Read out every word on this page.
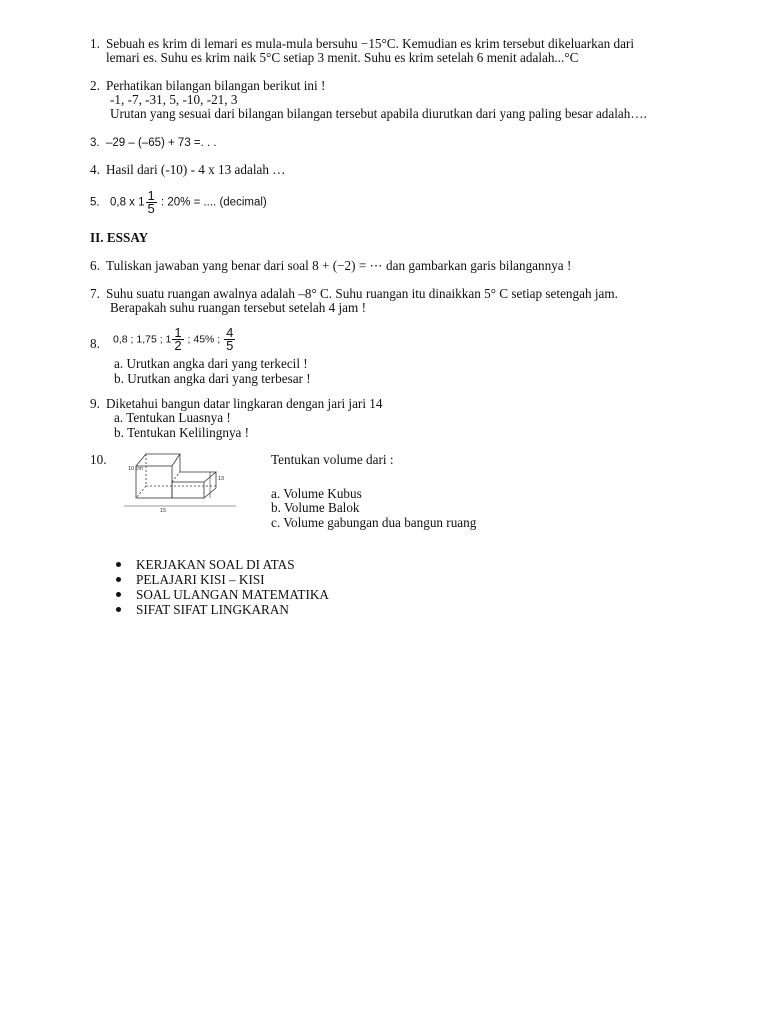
1. Sebuah es krim di lemari es mula-mula bersuhu −15°C. Kemudian es krim tersebut dikeluarkan dari
lemari es. Suhu es krim naik 5°C setiap 3 menit. Suhu es krim setelah 6 menit adalah...°C
2. Perhatikan bilangan bilangan berikut ini !
-1, -7, -31, 5, -10, -21, 3
Urutan yang sesuai dari bilangan bilangan tersebut apabila diurutkan dari yang paling besar adalah….
3. –29 – (–65) + 73 =. . .
4. Hasil dari (-10) - 4 x 13 adalah …
5. 0,8 x $1 \frac{1}{5}$ : 20% = .... (decimal)
II. ESSAY
6. Tuliskan jawaban yang benar dari soal 8 + (−2) = ⋯ dan gambarkan garis bilangannya !
7. Suhu suatu ruangan awalnya adalah –8° C. Suhu ruangan itu dinaikkan 5° C setiap setengah jam.
Berapakah suhu ruangan tersebut setelah 4 jam !
8. 0,8 ; 1,75 ; $1 \frac{1}{2}$ ; 45% ; $\frac{4}{5}$
a. Urutkan angka dari yang terkecil !
b. Urutkan angka dari yang terbesar !
9. Diketahui bangun datar lingkaran dengan jari jari 14
a. Tentukan Luasnya !
b. Tentukan Kelilingnya !
10.
10 cm
13
15
Tentukan volume dari :
a. Volume Kubus
b. Volume Balok
c. Volume gabungan dua bangun ruang
KERJAKAN SOAL DI ATAS
PELAJARI KISI – KISI
SOAL ULANGAN MATEMATIKA
SIFAT SIFAT LINGKARAN
